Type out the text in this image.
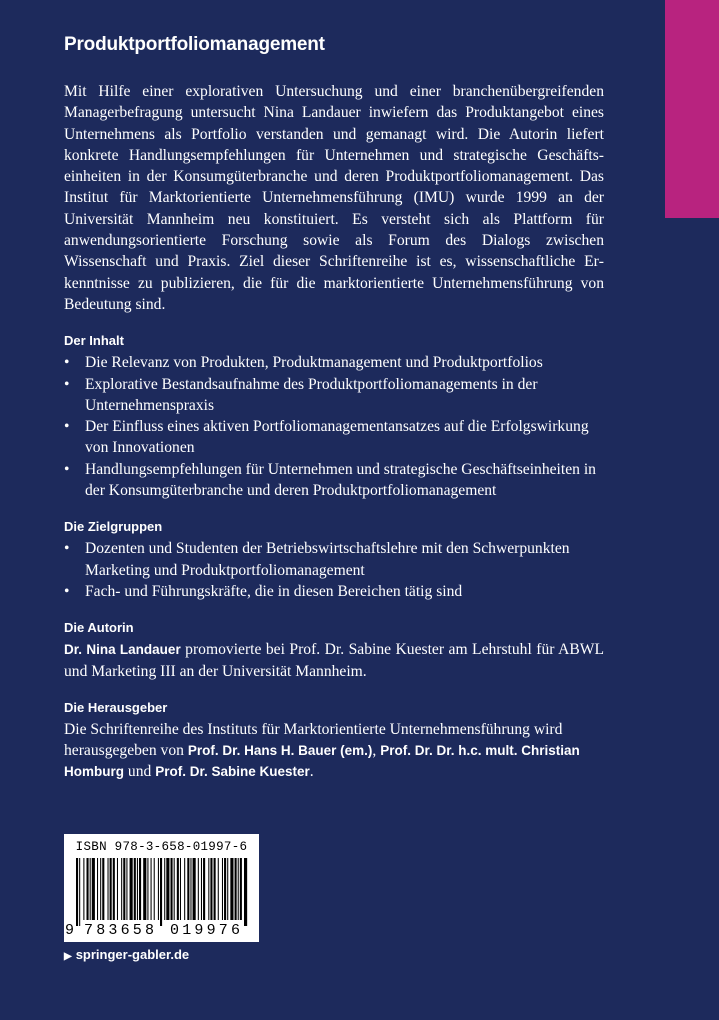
Produktportfoliomanagement

Mit Hilfe einer explorativen Untersuchung und einer branchenübergreifenden Managerbefragung untersucht Nina Landauer inwiefern das Produktangebot eines Unternehmens als Portfolio verstanden und gemanagt wird. Die Autorin liefert konkrete Handlungsempfehlungen für Unternehmen und strategische Geschäftseinheiten in der Konsumgüterbranche und deren Produktportfoliomanagement. Das Institut für Marktorientierte Unternehmensführung (IMU) wurde 1999 an der Universität Mannheim neu konstituiert. Es versteht sich als Plattform für anwendungsorientierte Forschung sowie als Forum des Dialogs zwischen Wissenschaft und Praxis. Ziel dieser Schriftenreihe ist es, wissenschaftliche Erkenntnisse zu publizieren, die für die marktorientierte Unternehmensführung von Bedeutung sind.

Der Inhalt
• Die Relevanz von Produkten, Produktmanagement und Produktportfolios
• Explorative Bestandsaufnahme des Produktportfoliomanagements in der Unternehmenspraxis
• Der Einfluss eines aktiven Portfoliomanagementansatzes auf die Erfolgswirkung von Innovationen
• Handlungsempfehlungen für Unternehmen und strategische Geschäftseinheiten in der Konsumgüterbranche und deren Produktportfoliomanagement
Die Zielgruppen
• Dozenten und Studenten der Betriebswirtschaftslehre mit den Schwerpunkten Marketing und Produktportfoliomanagement
• Fach- und Führungskräfte, die in diesen Bereichen tätig sind
Die Autorin

Dr. Nina Landauer promovierte bei Prof. Dr. Sabine Kuester am Lehrstuhl für ABWL und Marketing III an der Universität Mannheim.

Die Herausgeber

Die Schriftenreihe des Instituts für Marktorientierte Unternehmensführung wird herausgegeben von Prof. Dr. Hans H. Bauer (em.), Prof. Dr. Dr. h.c. mult. Christian Homburg und Prof. Dr. Sabine Kuester.

ISBN 978-3-658-01997-6
9 783658 019976
▶ springer-gabler.de
